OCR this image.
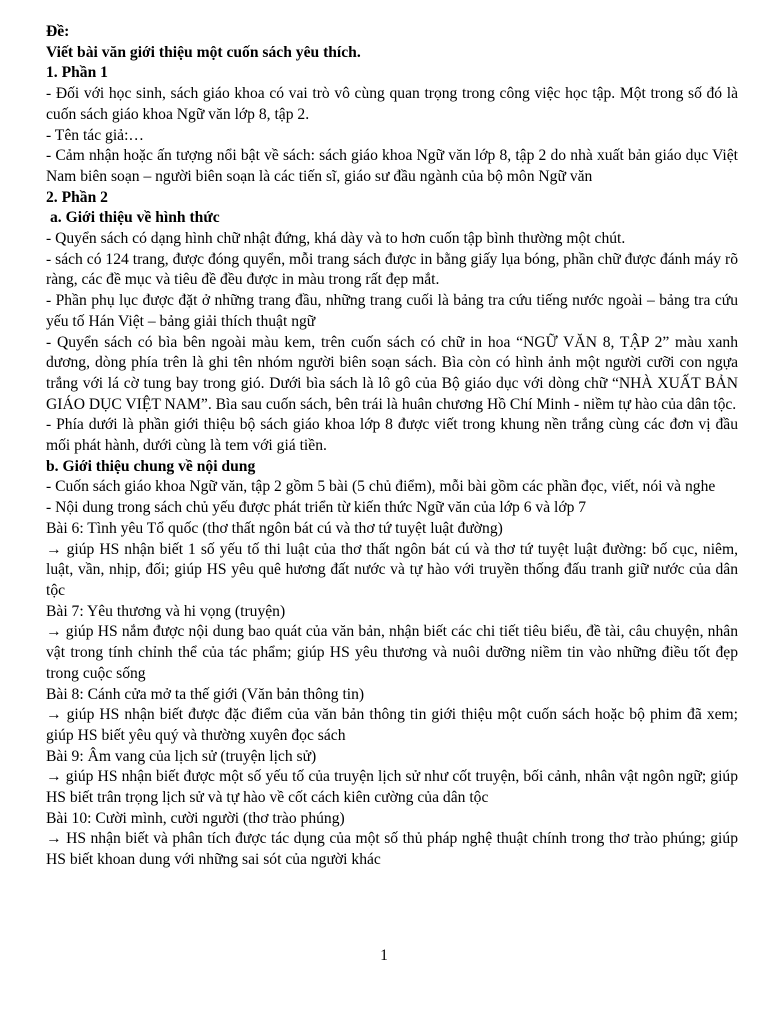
Đề:

Viết bài văn giới thiệu một cuốn sách yêu thích.

1. Phần 1

- Đối với học sinh, sách giáo khoa có vai trò vô cùng quan trọng trong công việc học tập. Một trong số đó là cuốn sách giáo khoa Ngữ văn lớp 8, tập 2.

- Tên tác giả:…

- Cảm nhận hoặc ấn tượng nổi bật về sách: sách giáo khoa Ngữ văn lớp 8, tập 2 do nhà xuất bản giáo dục Việt Nam biên soạn – người biên soạn là các tiến sĩ, giáo sư đầu ngành của bộ môn Ngữ văn

2. Phần 2

a. Giới thiệu về hình thức

- Quyển sách có dạng hình chữ nhật đứng, khá dày và to hơn cuốn tập bình thường một chút.

- sách có 124 trang, được đóng quyển, mỗi trang sách được in bằng giấy lụa bóng, phần chữ được đánh máy rõ ràng, các đề mục và tiêu đề đều được in màu trong rất đẹp mắt.

- Phần phụ lục được đặt ở những trang đầu, những trang cuối là bảng tra cứu tiếng nước ngoài – bảng tra cứu yếu tố Hán Việt – bảng giải thích thuật ngữ

- Quyển sách có bìa bên ngoài màu kem, trên cuốn sách có chữ in hoa “NGỮ VĂN 8, TẬP 2” màu xanh dương, dòng phía trên là ghi tên nhóm người biên soạn sách. Bìa còn có hình ảnh một người cưỡi con ngựa trắng với lá cờ tung bay trong gió. Dưới bìa sách là lô gô của Bộ giáo dục với dòng chữ “NHÀ XUẤT BẢN GIÁO DỤC VIỆT NAM”. Bìa sau cuốn sách, bên trái là huân chương Hồ Chí Minh - niềm tự hào của dân tộc.

- Phía dưới là phần giới thiệu bộ sách giáo khoa lớp 8 được viết trong khung nền trắng cùng các đơn vị đầu mối phát hành, dưới cùng là tem với giá tiền.

b. Giới thiệu chung về nội dung

- Cuốn sách giáo khoa Ngữ văn, tập 2 gồm 5 bài (5 chủ điểm), mỗi bài gồm các phần đọc, viết, nói và nghe

- Nội dung trong sách chủ yếu được phát triển từ kiến thức Ngữ văn của lớp 6 và lớp 7

Bài 6: Tình yêu Tổ quốc (thơ thất ngôn bát cú và thơ tứ tuyệt luật đường)

→ giúp HS nhận biết 1 số yếu tố thi luật của thơ thất ngôn bát cú và thơ tứ tuyệt luật đường: bố cục, niêm, luật, vần, nhịp, đối; giúp HS yêu quê hương đất nước và tự hào với truyền thống đấu tranh giữ nước của dân tộc

Bài 7: Yêu thương và hi vọng (truyện)

→ giúp HS nắm được nội dung bao quát của văn bản, nhận biết các chi tiết tiêu biểu, đề tài, câu chuyện, nhân vật trong tính chỉnh thể của tác phẩm; giúp HS yêu thương và nuôi dưỡng niềm tin vào những điều tốt đẹp trong cuộc sống

Bài 8: Cánh cửa mở ta thế giới (Văn bản thông tin)

→ giúp HS nhận biết được đặc điểm của văn bản thông tin giới thiệu một cuốn sách hoặc bộ phim đã xem; giúp HS biết yêu quý và thường xuyên đọc sách

Bài 9: Âm vang của lịch sử (truyện lịch sử)

→ giúp HS nhận biết được một số yếu tố của truyện lịch sử như cốt truyện, bối cảnh, nhân vật ngôn ngữ; giúp HS biết trân trọng lịch sử và tự hào về cốt cách kiên cường của dân tộc

Bài 10: Cười mình, cười người (thơ trào phúng)

→ HS nhận biết và phân tích được tác dụng của một số thủ pháp nghệ thuật chính trong thơ trào phúng; giúp HS biết khoan dung với những sai sót của người khác

1
